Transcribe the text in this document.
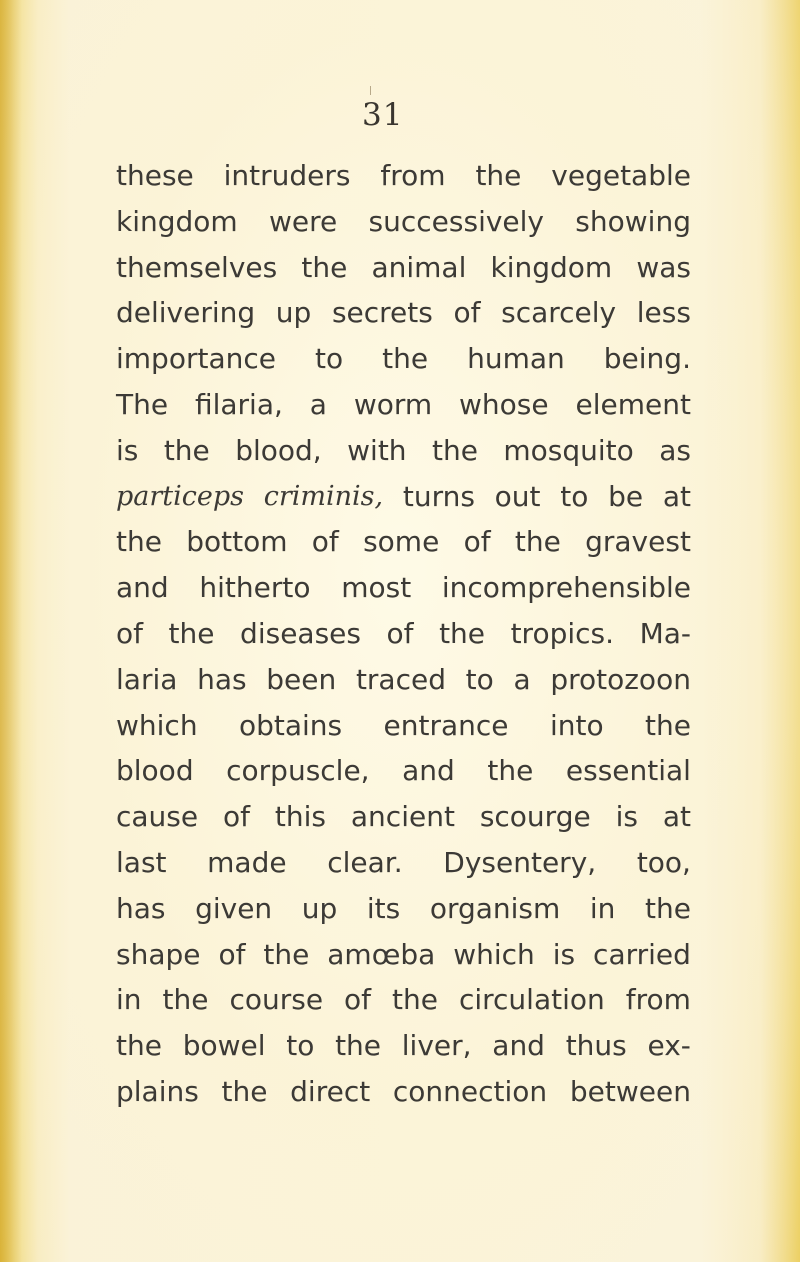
31
these intruders from the vegetable
kingdom were successively showing
themselves the animal kingdom was
delivering up secrets of scarcely less
importance to the human being.
The filaria, a worm whose element
is the blood, with the mosquito as
particeps criminis, turns out to be at
the bottom of some of the gravest
and hitherto most incomprehensible
of the diseases of the tropics. Ma-
laria has been traced to a protozoon
which obtains entrance into the
blood corpuscle, and the essential
cause of this ancient scourge is at
last made clear. Dysentery, too,
has given up its organism in the
shape of the amœba which is carried
in the course of the circulation from
the bowel to the liver, and thus ex-
plains the direct connection between
